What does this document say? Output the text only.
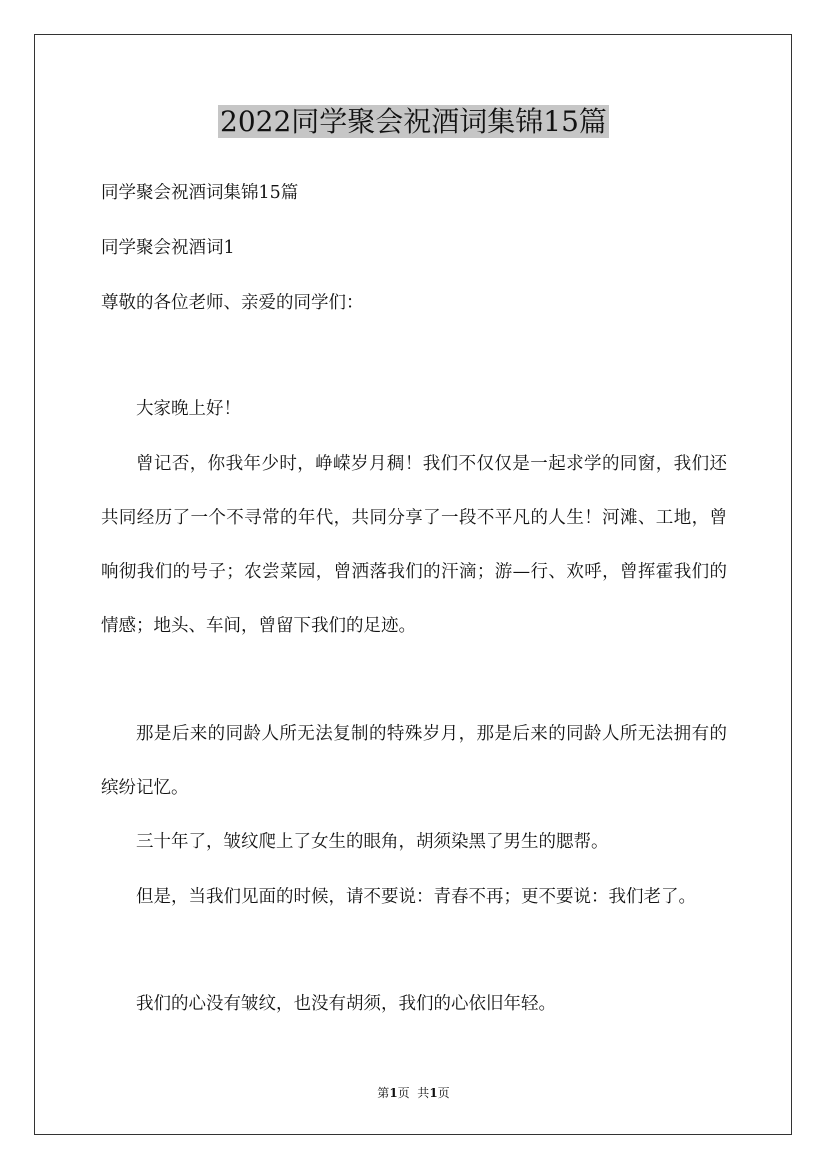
2022同学聚会祝酒词集锦15篇
同学聚会祝酒词集锦15篇
同学聚会祝酒词1
尊敬的各位老师、亲爱的同学们：
大家晚上好！
曾记否，你我年少时，峥嵘岁月稠！我们不仅仅是一起求学的同窗，我们还共同经历了一个不寻常的年代，共同分享了一段不平凡的人生！河滩、工地，曾响彻我们的号子；农尝菜园，曾洒落我们的汗滴；游—行、欢呼，曾挥霍我们的情感；地头、车间，曾留下我们的足迹。
那是后来的同龄人所无法复制的特殊岁月，那是后来的同龄人所无法拥有的缤纷记忆。
三十年了，皱纹爬上了女生的眼角，胡须染黑了男生的腮帮。
但是，当我们见面的时候，请不要说：青春不再；更不要说：我们老了。
我们的心没有皱纹，也没有胡须，我们的心依旧年轻。
第1页  共1页
